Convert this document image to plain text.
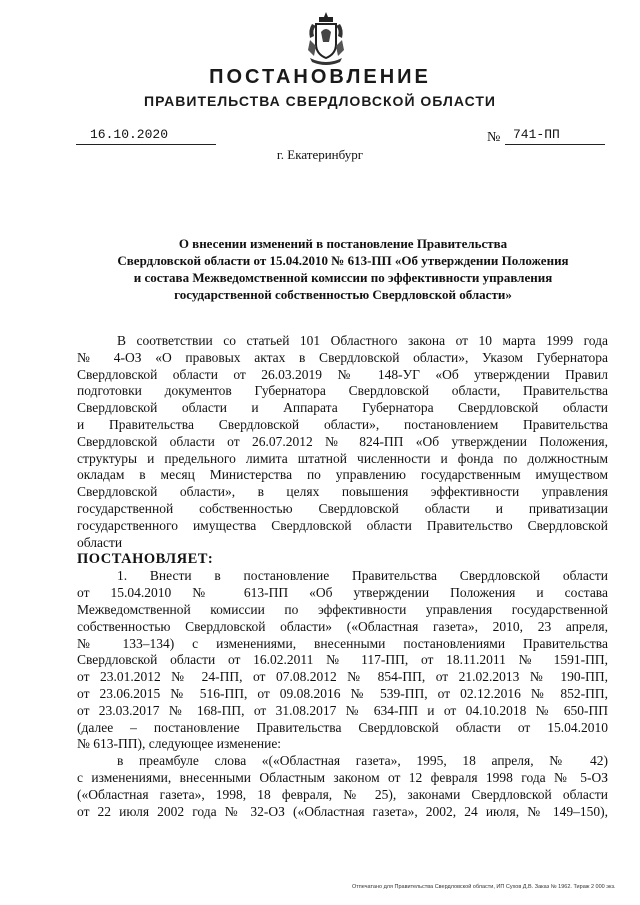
ПОСТАНОВЛЕНИЕ
ПРАВИТЕЛЬСТВА СВЕРДЛОВСКОЙ ОБЛАСТИ
16.10.2020	№ 741-ПП
г. Екатеринбург
О внесении изменений в постановление Правительства
Свердловской области от 15.04.2010 № 613-ПП «Об утверждении Положения
и состава Межведомственной комиссии по эффективности управления
государственной собственностью Свердловской области»
В соответствии со статьей 101 Областного закона от 10 марта 1999 года
№ 4-ОЗ «О правовых актах в Свердловской области», Указом Губернатора
Свердловской области от 26.03.2019 № 148-УГ «Об утверждении Правил
подготовки документов Губернатора Свердловской области, Правительства
Свердловской области и Аппарата Губернатора Свердловской области
и Правительства Свердловской области», постановлением Правительства
Свердловской области от 26.07.2012 № 824-ПП «Об утверждении Положения,
структуры и предельного лимита штатной численности и фонда по должностным
окладам в месяц Министерства по управлению государственным имуществом
Свердловской области», в целях повышения эффективности управления
государственной собственностью Свердловской области и приватизации
государственного имущества Свердловской области Правительство Свердловской
области
ПОСТАНОВЛЯЕТ:
1. Внести в постановление Правительства Свердловской области
от 15.04.2010 № 613-ПП «Об утверждении Положения и состава
Межведомственной комиссии по эффективности управления государственной
собственностью Свердловской области» («Областная газета», 2010, 23 апреля,
№ 133–134) с изменениями, внесенными постановлениями Правительства
Свердловской области от 16.02.2011 № 117-ПП, от 18.11.2011 № 1591-ПП,
от 23.01.2012 № 24-ПП, от 07.08.2012 № 854-ПП, от 21.02.2013 № 190-ПП,
от 23.06.2015 № 516-ПП, от 09.08.2016 № 539-ПП, от 02.12.2016 № 852-ПП,
от 23.03.2017 № 168-ПП, от 31.08.2017 № 634-ПП и от 04.10.2018 № 650-ПП
(далее – постановление Правительства Свердловской области от 15.04.2010
№ 613-ПП), следующее изменение:
в преамбуле слова «(«Областная газета», 1995, 18 апреля, № 42)
с изменениями, внесенными Областным законом от 12 февраля 1998 года № 5-ОЗ
(«Областная газета», 1998, 18 февраля, № 25), законами Свердловской области
от 22 июля 2002 года № 32-ОЗ («Областная газета», 2002, 24 июля, № 149–150),
Отпечатано для Правительства Свердловской области, ИП Сухов Д.В. Заказ № 1962. Тираж 2 000 экз.
